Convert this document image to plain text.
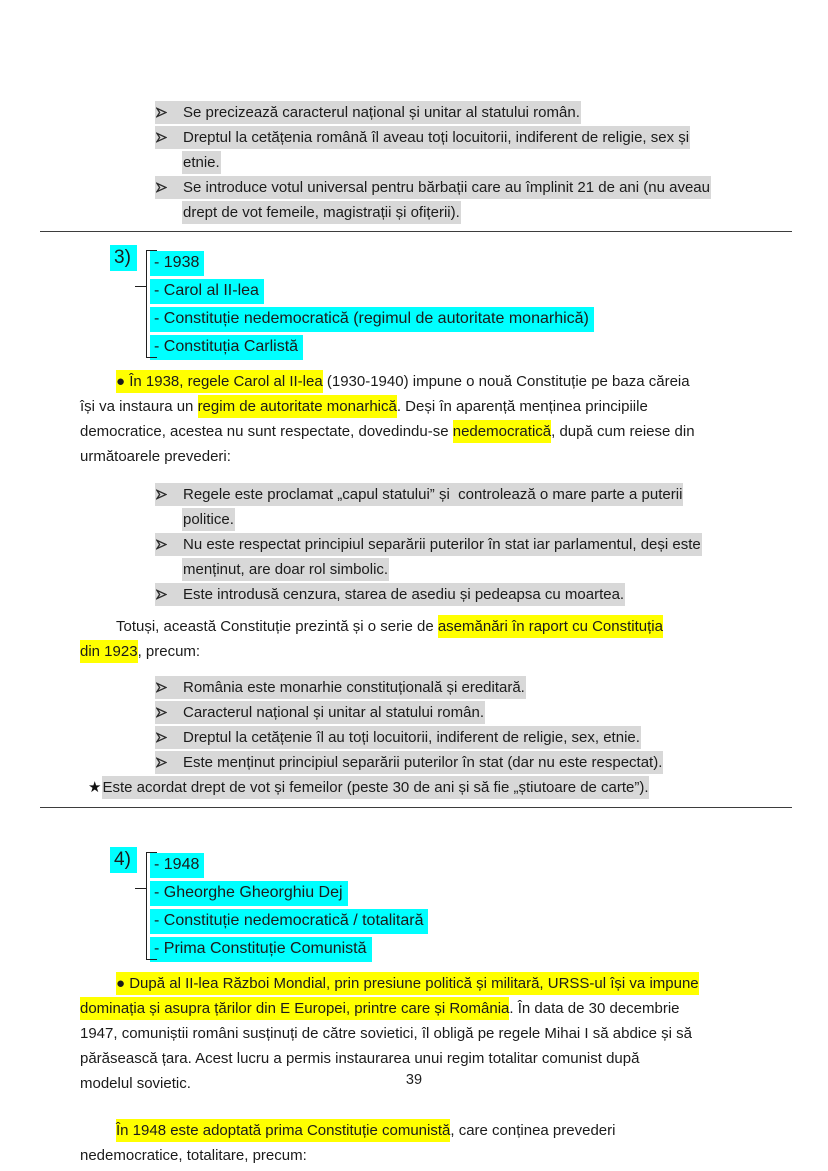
Se precizează caracterul național și unitar al statului român.
Dreptul la cetățenia română îl aveau toți locuitorii, indiferent de religie, sex și
etnie.
Se introduce votul universal pentru bărbații care au împlinit 21 de ani (nu aveau
drept de vot femeile, magistrații și ofițerii).
3)	- 1938
- Carol al II-lea
- Constituție nedemocratică (regimul de autoritate monarhică)
- Constituția Carlistă
● În 1938, regele Carol al II-lea (1930-1940) impune o nouă Constituție pe baza căreia
își va instaura un regim de autoritate monarhică. Deși în aparență menținea principiile
democratice, acestea nu sunt respectate, dovedindu-se nedemocratică, după cum reiese din
următoarele prevederi:
Regele este proclamat „capul statului” și  controlează o mare parte a puterii
politice.
Nu este respectat principiul separării puterilor în stat iar parlamentul, deși este
menținut, are doar rol simbolic.
Este introdusă cenzura, starea de asediu și pedeapsa cu moartea.
Totuși, această Constituție prezintă și o serie de asemănări în raport cu Constituția
din 1923, precum:
România este monarhie constituțională și ereditară.
Caracterul național și unitar al statului român.
Dreptul la cetățenie îl au toți locuitorii, indiferent de religie, sex, etnie.
Este menținut principiul separării puterilor în stat (dar nu este respectat).
★Este acordat drept de vot și femeilor (peste 30 de ani și să fie „știutoare de carte”).
4)	- 1948
- Gheorghe Gheorghiu Dej
- Constituție nedemocratică / totalitară
- Prima Constituție Comunistă
● După al II-lea Război Mondial, prin presiune politică și militară, URSS-ul își va impune
dominația și asupra țărilor din E Europei, printre care și România. În data de 30 decembrie
1947, comuniștii români susținuți de către sovietici, îl obligă pe regele Mihai I să abdice și să
părăsească țara. Acest lucru a permis instaurarea unui regim totalitar comunist după
modelul sovietic.
În 1948 este adoptată prima Constituție comunistă, care conținea prevederi
nedemocratice, totalitare, precum:
39
